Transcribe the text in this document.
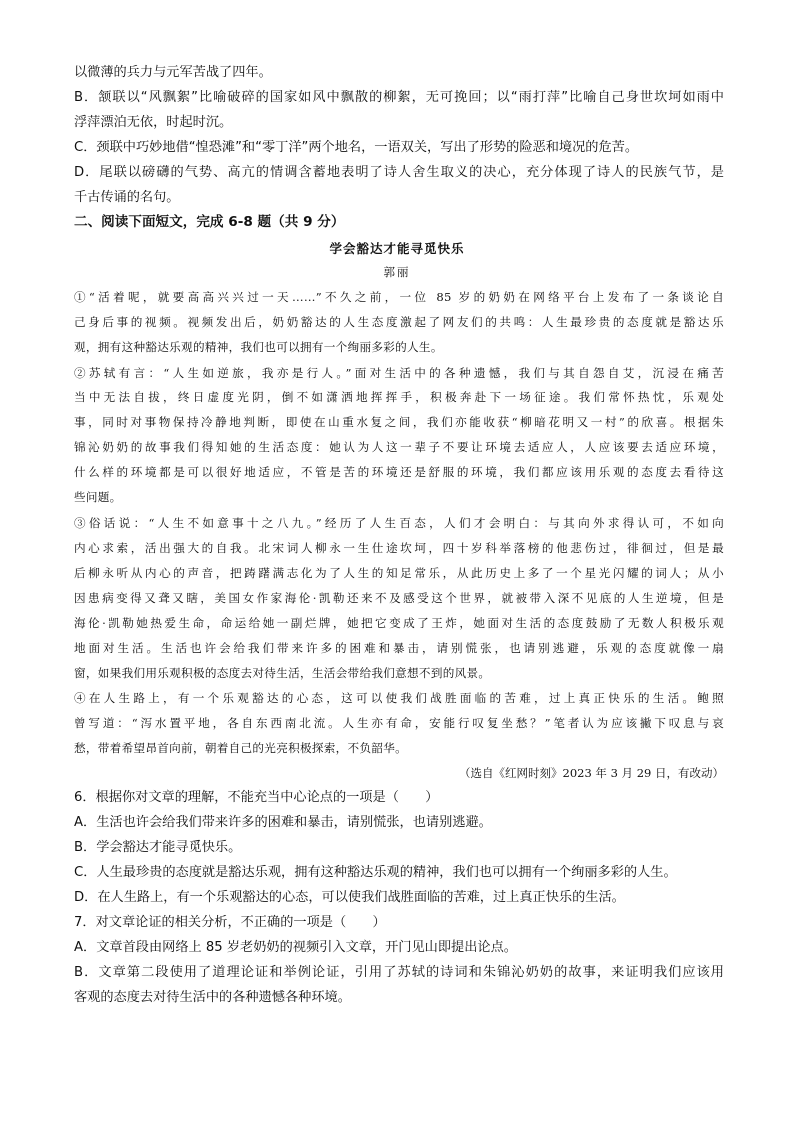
以微薄的兵力与元军苦战了四年。
B．颔联以“风飘絮”比喻破碎的国家如风中飘散的柳絮，无可挽回；以“雨打萍”比喻自己身世坎坷如雨中
浮萍漂泊无依，时起时沉。
C．颈联中巧妙地借“惶恐滩”和“零丁洋”两个地名，一语双关，写出了形势的险恶和境况的危苦。
D．尾联以磅礴的气势、高亢的情调含蓄地表明了诗人舍生取义的决心，充分体现了诗人的民族气节，是
千古传诵的名句。
二、阅读下面短文，完成 6-8 题（共 9 分）
学会豁达才能寻觅快乐
郭丽
①“活着呢，就要高高兴兴过一天……”不久之前，一位 85 岁的奶奶在网络平台上发布了一条谈论自
己身后事的视频。视频发出后，奶奶豁达的人生态度激起了网友们的共鸣：人生最珍贵的态度就是豁达乐
观，拥有这种豁达乐观的精神，我们也可以拥有一个绚丽多彩的人生。
②苏轼有言：“人生如逆旅，我亦是行人。”面对生活中的各种遗憾，我们与其自怨自艾，沉浸在痛苦
当中无法自拔，终日虚度光阴，倒不如潇洒地挥挥手，积极奔赴下一场征途。我们常怀热忱，乐观处
事，同时对事物保持冷静地判断，即使在山重水复之间，我们亦能收获“柳暗花明又一村”的欣喜。根据朱
锦沁奶奶的故事我们得知她的生活态度：她认为人这一辈子不要让环境去适应人，人应该要去适应环境，
什么样的环境都是可以很好地适应，不管是苦的环境还是舒服的环境，我们都应该用乐观的态度去看待这
些问题。
③俗话说：“人生不如意事十之八九。”经历了人生百态，人们才会明白：与其向外求得认可，不如向
内心求索，活出强大的自我。北宋词人柳永一生仕途坎坷，四十岁科举落榜的他悲伤过，徘徊过，但是最
后柳永听从内心的声音，把踌躇满志化为了人生的知足常乐，从此历史上多了一个星光闪耀的词人；从小
因患病变得又聋又瞎，美国女作家海伦·凯勒还来不及感受这个世界，就被带入深不见底的人生逆境，但是
海伦·凯勒她热爱生命，命运给她一副烂牌，她把它变成了王炸，她面对生活的态度鼓励了无数人积极乐观
地面对生活。生活也许会给我们带来许多的困难和暴击，请别慌张，也请别逃避，乐观的态度就像一扇
窗，如果我们用乐观积极的态度去对待生活，生活会带给我们意想不到的风景。
④在人生路上，有一个乐观豁达的心态，这可以使我们战胜面临的苦难，过上真正快乐的生活。鲍照
曾写道：“泻水置平地，各自东西南北流。人生亦有命，安能行叹复坐愁？”笔者认为应该撇下叹息与哀
愁，带着希望昂首向前，朝着自己的光亮积极探索，不负韶华。
（选自《红网时刻》2023 年 3 月 29 日，有改动）
6．根据你对文章的理解，不能充当中心论点的一项是（　　）
A．生活也许会给我们带来许多的困难和暴击，请别慌张，也请别逃避。
B．学会豁达才能寻觅快乐。
C．人生最珍贵的态度就是豁达乐观，拥有这种豁达乐观的精神，我们也可以拥有一个绚丽多彩的人生。
D．在人生路上，有一个乐观豁达的心态，可以使我们战胜面临的苦难，过上真正快乐的生活。
7．对文章论证的相关分析，不正确的一项是（　　）
A．文章首段由网络上 85 岁老奶奶的视频引入文章，开门见山即提出论点。
B．文章第二段使用了道理论证和举例论证，引用了苏轼的诗词和朱锦沁奶奶的故事，来证明我们应该用
客观的态度去对待生活中的各种遗憾各种环境。
